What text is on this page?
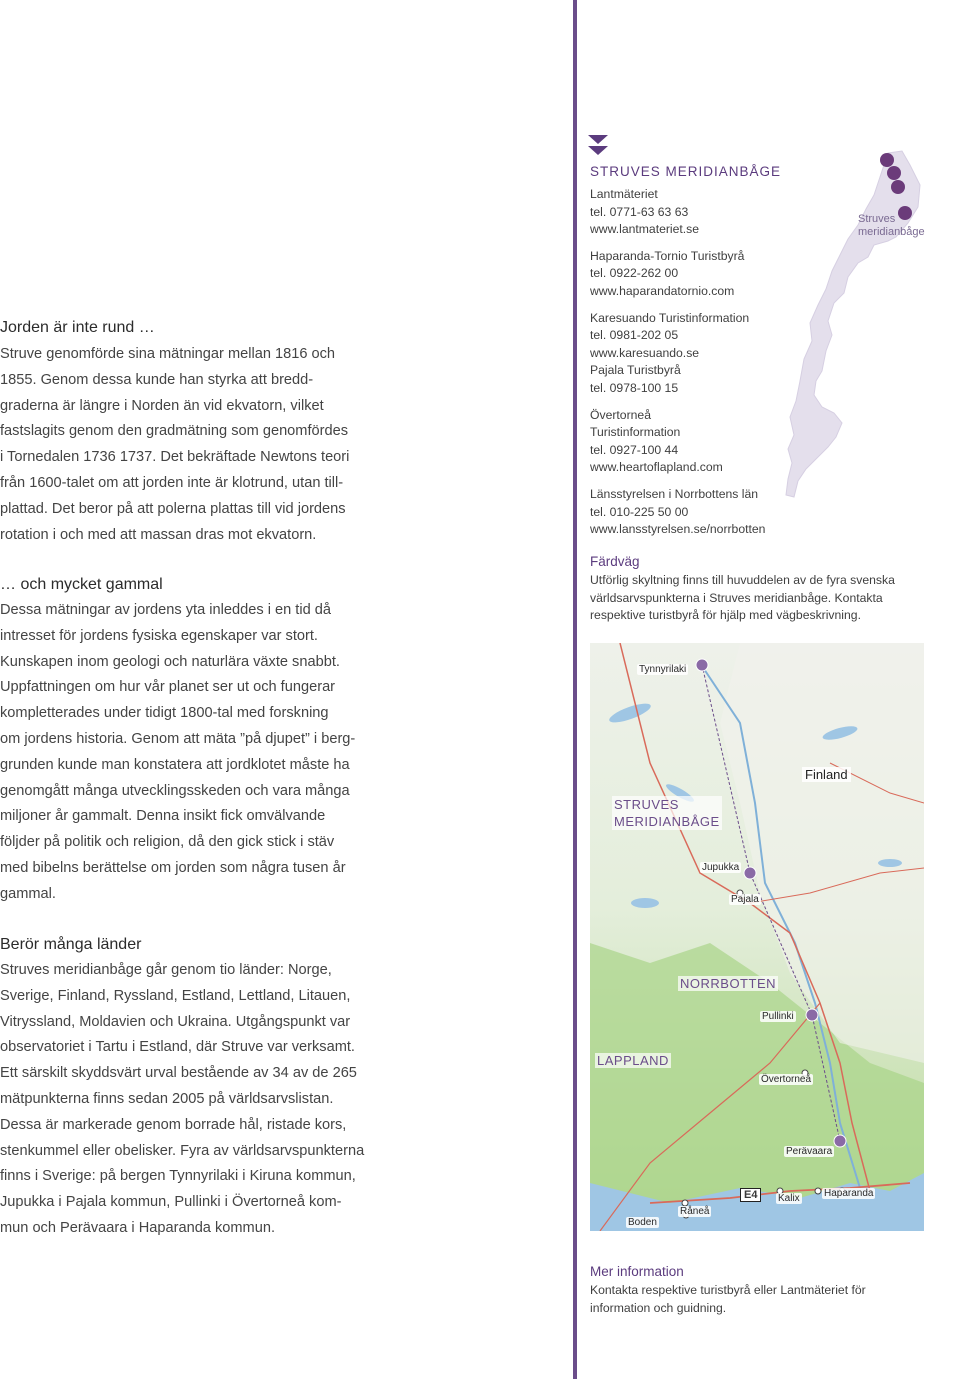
Jorden är inte rund …
Struve genomförde sina mätningar mellan 1816 och
1855. Genom dessa kunde han styrka att bredd-
graderna är längre i Norden än vid ekvatorn, vilket
fastslagits genom den gradmätning som genomfördes
i Tornedalen 1736 1737. Det bekräftade Newtons teori
från 1600-talet om att jorden inte är klotrund, utan till-
plattad. Det beror på att polerna plattas till vid jordens
rotation i och med att massan dras mot ekvatorn.
… och mycket gammal
Dessa mätningar av jordens yta inleddes i en tid då
intresset för jordens fysiska egenskaper var stort.
Kunskapen inom geologi och naturlära växte snabbt.
Uppfattningen om hur vår planet ser ut och fungerar
kompletterades under tidigt 1800-tal med forskning
om jordens historia. Genom att mäta ”på djupet” i berg-
grunden kunde man konstatera att jordklotet måste ha
genomgått många utvecklingsskeden och vara många
miljoner år gammalt. Denna insikt fick omvälvande
följder på politik och religion, då den gick stick i stäv
med bibelns berättelse om jorden som några tusen år
gammal.
Berör många länder
Struves meridianbåge går genom tio länder: Norge,
Sverige, Finland, Ryssland, Estland, Lettland, Litauen,
Vitryssland, Moldavien och Ukraina. Utgångspunkt var
observatoriet i Tartu i Estland, där Struve var verksamt.
Ett särskilt skyddsvärt urval bestående av 34 av de 265
mätpunkterna finns sedan 2005 på världsarvslistan.
Dessa är markerade genom borrade hål, ristade kors,
stenkummel eller obelisker. Fyra av världsarvspunkterna
finns i Sverige: på bergen Tynnyrilaki i Kiruna kommun,
Jupukka i Pajala kommun, Pullinki i Övertorneå kom-
mun och Perävaara i Haparanda kommun.
STRUVES MERIDIANBÅGE
Lantmäteriet
tel. 0771-63 63 63
www.lantmateriet.se
Haparanda-Tornio Turistbyrå
tel. 0922-262 00
www.haparandatornio.com
Karesuando Turistinformation
tel. 0981-202 05
www.karesuando.se
Pajala Turistbyrå
tel. 0978-100 15
Övertorneå
Turistinformation
tel. 0927-100 44
www.heartoflapland.com
Länsstyrelsen i Norrbottens län
tel. 010-225 50 00
www.lansstyrelsen.se/norrbotten
Struves
meridianbåge
Färdväg
Utförlig skyltning finns till huvuddelen av de fyra svenska
världsarvspunkterna i Struves meridianbåge. Kontakta
respektive turistbyrå för hjälp med vägbeskrivning.
Tynnyrilaki
Finland
STRUVES
MERIDIANBÅGE
Jupukka
Pajala
NORRBOTTEN
Pullinki
LAPPLAND
Övertorneå
Perävaara
E4	Kalix Haparanda
Boden
Råneå
Mer information
Kontakta respektive turistbyrå eller Lantmäteriet för
information och guidning.
